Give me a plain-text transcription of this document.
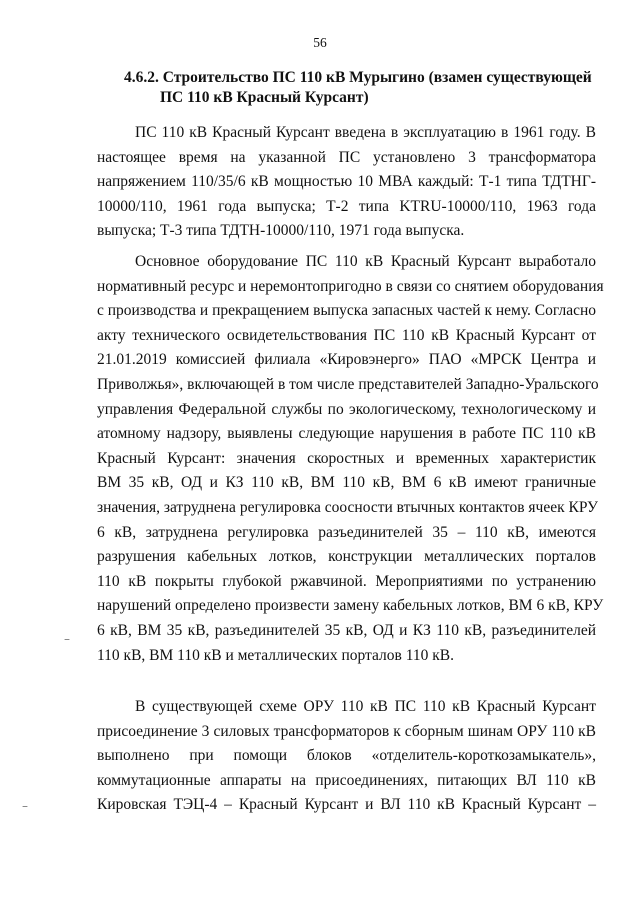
56
4.6.2. Строительство ПС 110 кВ Мурыгино (взамен существующей
ПС 110 кВ Красный Курсант)

ПС 110 кВ Красный Курсант введена в эксплуатацию в 1961 году. В
настоящее время на указанной ПС установлено 3 трансформатора
напряжением 110/35/6 кВ мощностью 10 МВА каждый: Т-1 типа ТДТНГ-
10000/110, 1961 года выпуска; Т-2 типа KTRU-10000/110, 1963 года
выпуска; Т-3 типа ТДТН-10000/110, 1971 года выпуска.

Основное оборудование ПС 110 кВ Красный Курсант выработало
нормативный ресурс и неремонтопригодно в связи со снятием оборудования
с производства и прекращением выпуска запасных частей к нему. Согласно
акту технического освидетельствования ПС 110 кВ Красный Курсант от
21.01.2019 комиссией филиала «Кировэнерго» ПАО «МРСК Центра и
Приволжья», включающей в том числе представителей Западно-Уральского
управления Федеральной службы по экологическому, технологическому и
атомному надзору, выявлены следующие нарушения в работе ПС 110 кВ
Красный Курсант: значения скоростных и временных характеристик
ВМ 35 кВ, ОД и КЗ 110 кВ, ВМ 110 кВ, ВМ 6 кВ имеют граничные
значения, затруднена регулировка соосности втычных контактов ячеек КРУ
6 кВ, затруднена регулировка разъединителей 35 – 110 кВ, имеются
разрушения кабельных лотков, конструкции металлических порталов
110 кВ покрыты глубокой ржавчиной. Мероприятиями по устранению
нарушений определено произвести замену кабельных лотков, ВМ 6 кВ, КРУ
6 кВ, ВМ 35 кВ, разъединителей 35 кВ, ОД и КЗ 110 кВ, разъединителей
110 кВ, ВМ 110 кВ и металлических порталов 110 кВ.

В существующей схеме ОРУ 110 кВ ПС 110 кВ Красный Курсант
присоединение 3 силовых трансформаторов к сборным шинам ОРУ 110 кВ
выполнено при помощи блоков «отделитель-короткозамыкатель»,
коммутационные аппараты на присоединениях, питающих ВЛ 110 кВ
Кировская ТЭЦ-4 – Красный Курсант и ВЛ 110 кВ Красный Курсант –

–
–
